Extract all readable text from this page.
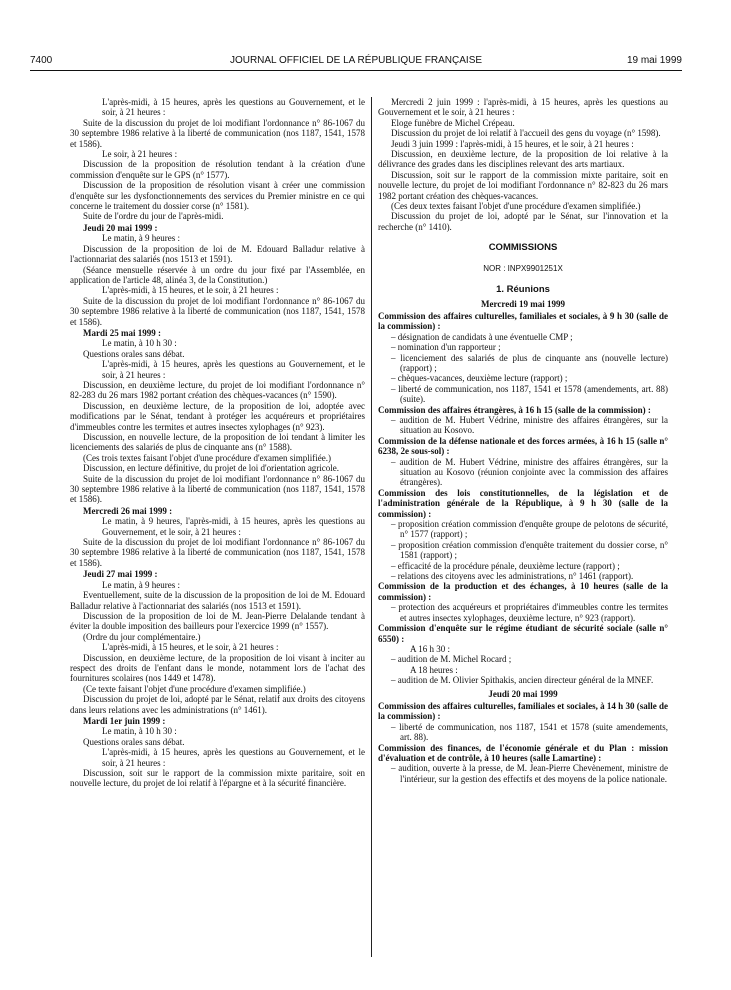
7400	JOURNAL OFFICIEL DE LA RÉPUBLIQUE FRANÇAISE	19 mai 1999

L'après-midi, à 15 heures, après les questions au Gouvernement, et le soir, à 21 heures :

Suite de la discussion du projet de loi modifiant l'ordonnance n° 86-1067 du 30 septembre 1986 relative à la liberté de communication (nos 1187, 1541, 1578 et 1586).

Le soir, à 21 heures :

Discussion de la proposition de résolution tendant à la création d'une commission d'enquête sur le GPS (n° 1577).

Discussion de la proposition de résolution visant à créer une commission d'enquête sur les dysfonctionnements des services du Premier ministre en ce qui concerne le traitement du dossier corse (n° 1581).

Suite de l'ordre du jour de l'après-midi.

Jeudi 20 mai 1999 :

Le matin, à 9 heures :

Discussion de la proposition de loi de M. Edouard Balladur relative à l'actionnariat des salariés (nos 1513 et 1591).

(Séance mensuelle réservée à un ordre du jour fixé par l'Assemblée, en application de l'article 48, alinéa 3, de la Constitution.)

L'après-midi, à 15 heures, et le soir, à 21 heures :

Suite de la discussion du projet de loi modifiant l'ordonnance n° 86-1067 du 30 septembre 1986 relative à la liberté de communication (nos 1187, 1541, 1578 et 1586).

Mardi 25 mai 1999 :

Le matin, à 10 h 30 :

Questions orales sans débat.

L'après-midi, à 15 heures, après les questions au Gouvernement, et le soir, à 21 heures :

Discussion, en deuxième lecture, du projet de loi modifiant l'ordonnance n° 82-283 du 26 mars 1982 portant création des chèques-vacances (n° 1590).

Discussion, en deuxième lecture, de la proposition de loi, adoptée avec modifications par le Sénat, tendant à protéger les acquéreurs et propriétaires d'immeubles contre les termites et autres insectes xylophages (n° 923).

Discussion, en nouvelle lecture, de la proposition de loi tendant à limiter les licenciements des salariés de plus de cinquante ans (n° 1588).

(Ces trois textes faisant l'objet d'une procédure d'examen simplifiée.)

Discussion, en lecture définitive, du projet de loi d'orientation agricole.

Suite de la discussion du projet de loi modifiant l'ordonnance n° 86-1067 du 30 septembre 1986 relative à la liberté de communication (nos 1187, 1541, 1578 et 1586).

Mercredi 26 mai 1999 :

Le matin, à 9 heures, l'après-midi, à 15 heures, après les questions au Gouvernement, et le soir, à 21 heures :

Suite de la discussion du projet de loi modifiant l'ordonnance n° 86-1067 du 30 septembre 1986 relative à la liberté de communication (nos 1187, 1541, 1578 et 1586).

Jeudi 27 mai 1999 :

Le matin, à 9 heures :

Eventuellement, suite de la discussion de la proposition de loi de M. Edouard Balladur relative à l'actionnariat des salariés (nos 1513 et 1591).

Discussion de la proposition de loi de M. Jean-Pierre Delalande tendant à éviter la double imposition des bailleurs pour l'exercice 1999 (n° 1557).

(Ordre du jour complémentaire.)

L'après-midi, à 15 heures, et le soir, à 21 heures :

Discussion, en deuxième lecture, de la proposition de loi visant à inciter au respect des droits de l'enfant dans le monde, notamment lors de l'achat des fournitures scolaires (nos 1449 et 1478).

(Ce texte faisant l'objet d'une procédure d'examen simplifiée.)

Discussion du projet de loi, adopté par le Sénat, relatif aux droits des citoyens dans leurs relations avec les administrations (n° 1461).

Mardi 1er juin 1999 :

Le matin, à 10 h 30 :

Questions orales sans débat.

L'après-midi, à 15 heures, après les questions au Gouvernement, et le soir, à 21 heures :

Discussion, soit sur le rapport de la commission mixte paritaire, soit en nouvelle lecture, du projet de loi relatif à l'épargne et à la sécurité financière.

Mercredi 2 juin 1999 : l'après-midi, à 15 heures, après les questions au Gouvernement et le soir, à 21 heures :

Eloge funèbre de Michel Crépeau.

Discussion du projet de loi relatif à l'accueil des gens du voyage (n° 1598).

Jeudi 3 juin 1999 : l'après-midi, à 15 heures, et le soir, à 21 heures :

Discussion, en deuxième lecture, de la proposition de loi relative à la délivrance des grades dans les disciplines relevant des arts martiaux.

Discussion, soit sur le rapport de la commission mixte paritaire, soit en nouvelle lecture, du projet de loi modifiant l'ordonnance n° 82-823 du 26 mars 1982 portant création des chèques-vacances.

(Ces deux textes faisant l'objet d'une procédure d'examen simplifiée.)

Discussion du projet de loi, adopté par le Sénat, sur l'innovation et la recherche (n° 1410).

COMMISSIONS

NOR : INPX9901251X

1. Réunions

Mercredi 19 mai 1999

Commission des affaires culturelles, familiales et sociales, à 9 h 30 (salle de la commission) :

– désignation de candidats à une éventuelle CMP ;
– nomination d'un rapporteur ;
– licenciement des salariés de plus de cinquante ans (nouvelle lecture) (rapport) ;
– chèques-vacances, deuxième lecture (rapport) ;
– liberté de communication, nos 1187, 1541 et 1578 (amendements, art. 88) (suite).

Commission des affaires étrangères, à 16 h 15 (salle de la commission) :

– audition de M. Hubert Védrine, ministre des affaires étrangères, sur la situation au Kosovo.

Commission de la défense nationale et des forces armées, à 16 h 15 (salle n° 6238, 2e sous-sol) :

– audition de M. Hubert Védrine, ministre des affaires étrangères, sur la situation au Kosovo (réunion conjointe avec la commission des affaires étrangères).

Commission des lois constitutionnelles, de la législation et de l'administration générale de la République, à 9 h 30 (salle de la commission) :

– proposition création commission d'enquête groupe de pelotons de sécurité, n° 1577 (rapport) ;
– proposition création commission d'enquête traitement du dossier corse, n° 1581 (rapport) ;
– efficacité de la procédure pénale, deuxième lecture (rapport) ;
– relations des citoyens avec les administrations, n° 1461 (rapport).

Commission de la production et des échanges, à 10 heures (salle de la commission) :

– protection des acquéreurs et propriétaires d'immeubles contre les termites et autres insectes xylophages, deuxième lecture, n° 923 (rapport).

Commission d'enquête sur le régime étudiant de sécurité sociale (salle n° 6550) :

A 16 h 30 :

– audition de M. Michel Rocard ;

A 18 heures :

– audition de M. Olivier Spithakis, ancien directeur général de la MNEF.

Jeudi 20 mai 1999

Commission des affaires culturelles, familiales et sociales, à 14 h 30 (salle de la commission) :

– liberté de communication, nos 1187, 1541 et 1578 (suite amendements, art. 88).

Commission des finances, de l'économie générale et du Plan : mission d'évaluation et de contrôle, à 10 heures (salle Lamartine) :

– audition, ouverte à la presse, de M. Jean-Pierre Chevènement, ministre de l'intérieur, sur la gestion des effectifs et des moyens de la police nationale.
